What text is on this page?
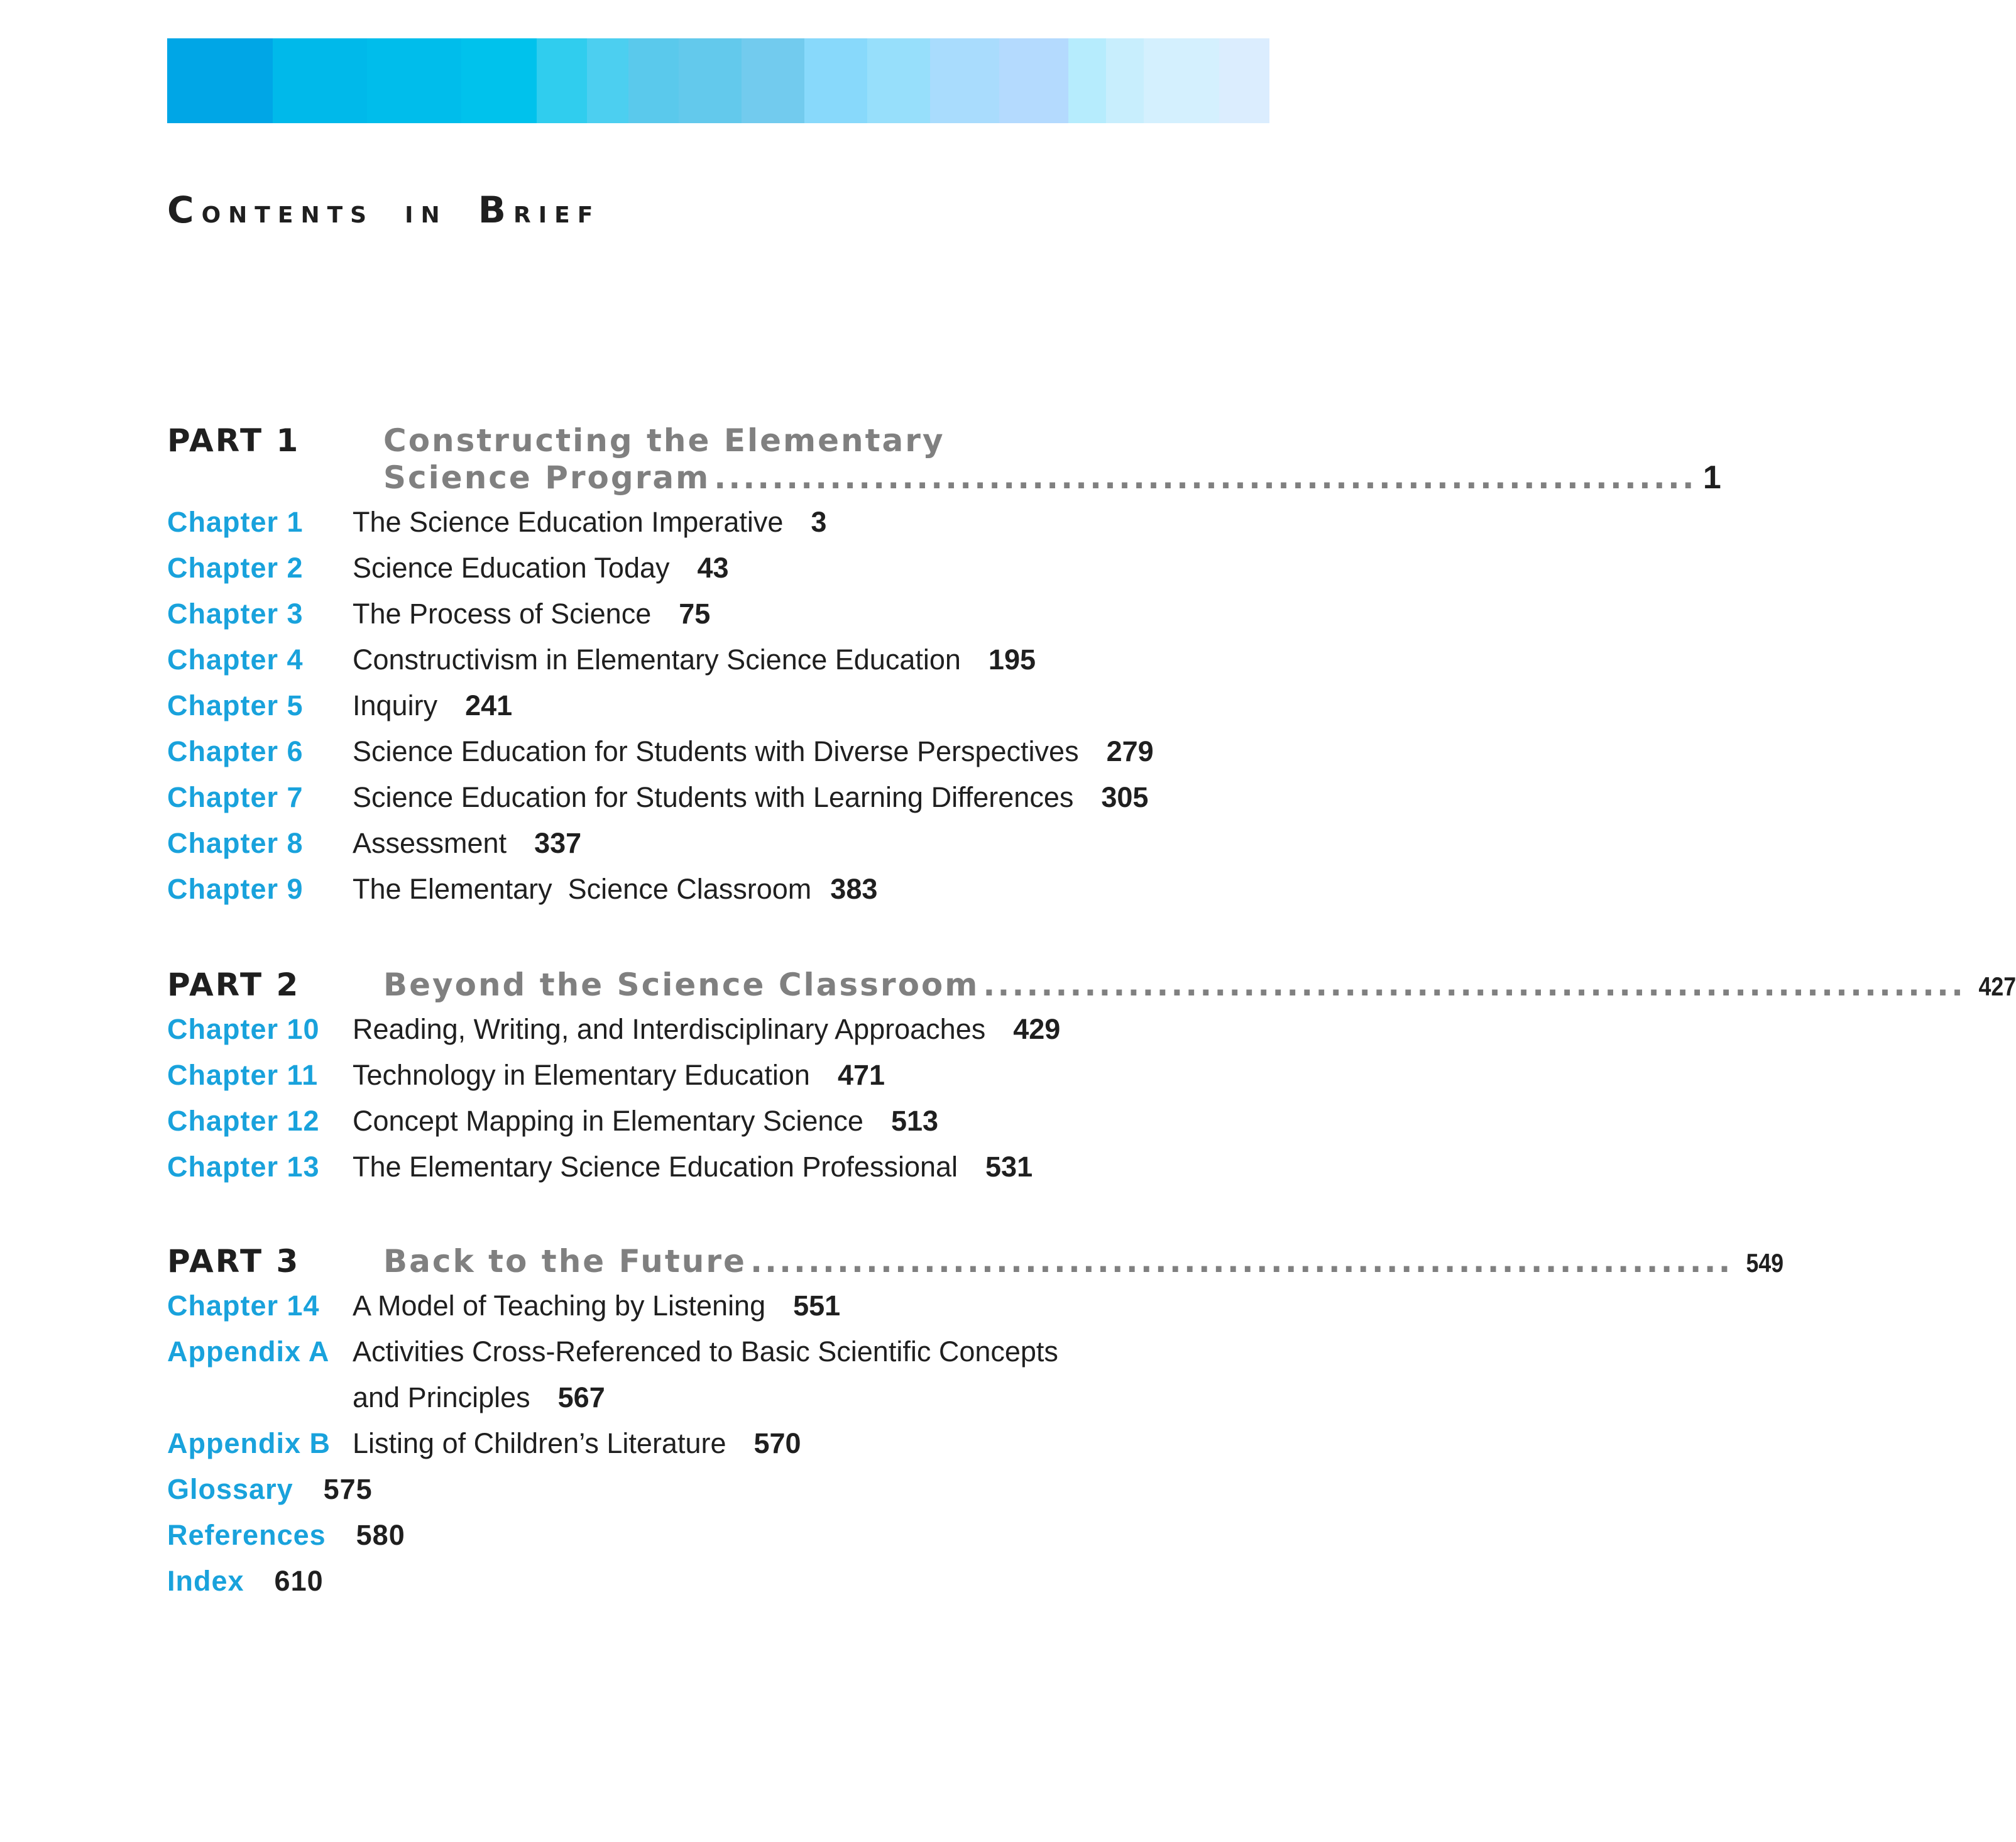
CONTENTS IN BRIEF
PART 1	Constructing the Elementary
Science Program .................................................................... 1
Chapter 1 The Science Education Imperative 3
Chapter 2 Science Education Today 43
Chapter 3 The Process of Science 75
Chapter 4 Constructivism in Elementary Science Education 195
Chapter 5 Inquiry 241
Chapter 6 Science Education for Students with Diverse Perspectives 279
Chapter 7 Science Education for Students with Learning Differences 305
Chapter 8 Assessment 337
Chapter 9 The Elementary  Science Classroom 383
PART 2	Beyond the Science Classroom .................................................................... 427
Chapter 10 Reading, Writing, and Interdisciplinary Approaches 429
Chapter 11 Technology in Elementary Education 471
Chapter 12 Concept Mapping in Elementary Science 513
Chapter 13 The Elementary Science Education Professional 531
PART 3	Back to the Future .................................................................... 549
Chapter 14 A Model of Teaching by Listening 551
Appendix A Activities Cross-Referenced to Basic Scientific Concepts
and Principles 567
Appendix B Listing of Children’s Literature 570
Glossary 575
References 580
Index 610
